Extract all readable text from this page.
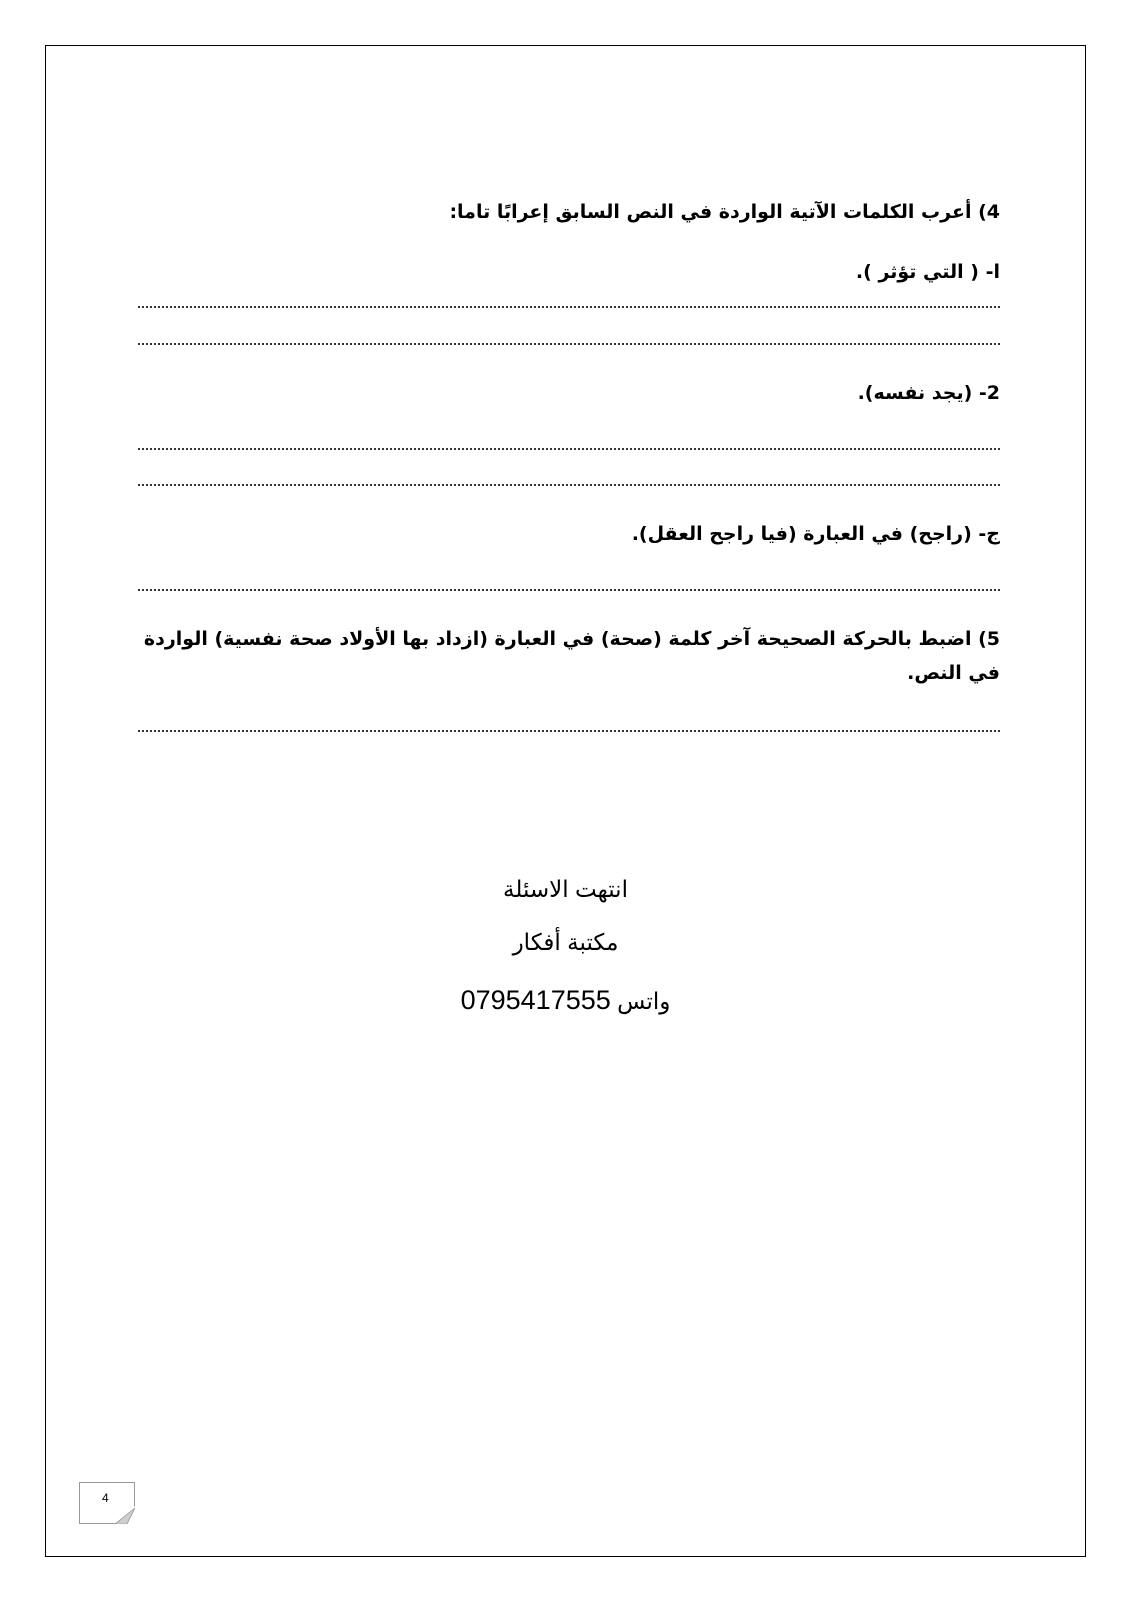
4) أعرب الكلمات الآتية الواردة في النص السابق إعرابًا تاما:
ا- ( التي تؤثر ).
2- (يجد نفسه).
ج- (راجح) في العبارة (فيا راجح العقل).
5) اضبط بالحركة الصحيحة آخر كلمة (صحة) في العبارة (ازداد بها الأولاد صحة نفسية) الواردة في النص.
انتهت الاسئلة
مكتبة أفكار
واتس 0795417555
4
